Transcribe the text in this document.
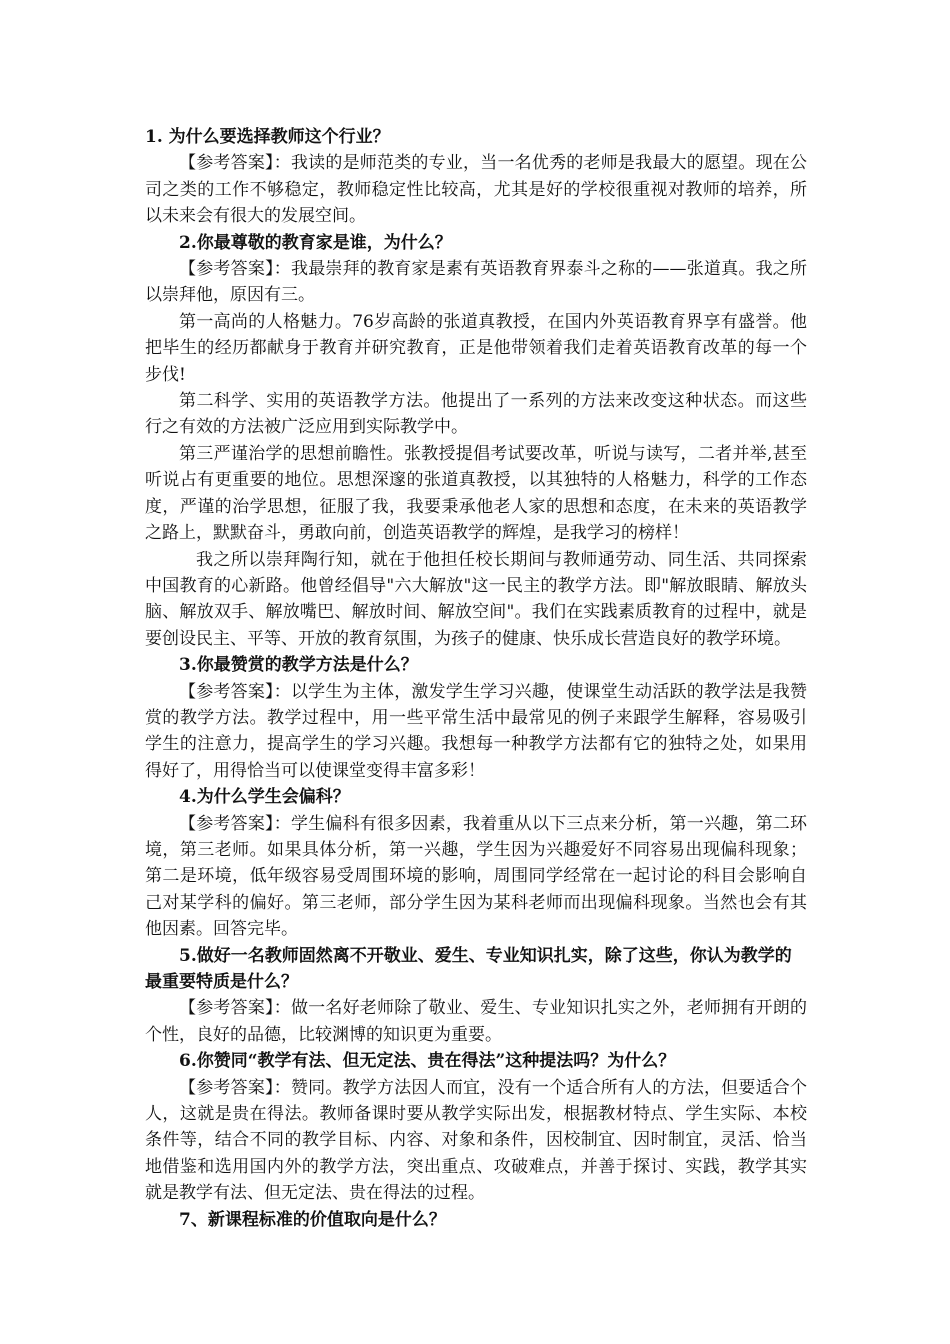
1. 为什么要选择教师这个行业？

【参考答案】：我读的是师范类的专业，当一名优秀的老师是我最大的愿望。现在公司之类的工作不够稳定，教师稳定性比较高，尤其是好的学校很重视对教师的培养，所以未来会有很大的发展空间。

2.你最尊敬的教育家是谁，为什么？

【参考答案】：我最崇拜的教育家是素有英语教育界泰斗之称的——张道真。我之所以崇拜他，原因有三。

第一高尚的人格魅力。76岁高龄的张道真教授，在国内外英语教育界享有盛誉。他把毕生的经历都献身于教育并研究教育，正是他带领着我们走着英语教育改革的每一个步伐!

第二科学、实用的英语教学方法。他提出了一系列的方法来改变这种状态。而这些行之有效的方法被广泛应用到实际教学中。

第三严谨治学的思想前瞻性。张教授提倡考试要改革，听说与读写，二者并举,甚至听说占有更重要的地位。思想深邃的张道真教授，以其独特的人格魅力，科学的工作态度，严谨的治学思想，征服了我，我要秉承他老人家的思想和态度，在未来的英语教学之路上，默默奋斗，勇敢向前，创造英语教学的辉煌，是我学习的榜样！

我之所以崇拜陶行知，就在于他担任校长期间与教师通劳动、同生活、共同探索中国教育的心新路。他曾经倡导"六大解放"这一民主的教学方法。即"解放眼睛、解放头脑、解放双手、解放嘴巴、解放时间、解放空间"。我们在实践素质教育的过程中，就是要创设民主、平等、开放的教育氛围，为孩子的健康、快乐成长营造良好的教学环境。

3.你最赞赏的教学方法是什么？

【参考答案】：以学生为主体，激发学生学习兴趣，使课堂生动活跃的教学法是我赞赏的教学方法。教学过程中，用一些平常生活中最常见的例子来跟学生解释，容易吸引学生的注意力，提高学生的学习兴趣。我想每一种教学方法都有它的独特之处，如果用得好了，用得恰当可以使课堂变得丰富多彩！

4.为什么学生会偏科？

【参考答案】：学生偏科有很多因素，我着重从以下三点来分析，第一兴趣，第二环境，第三老师。如果具体分析，第一兴趣，学生因为兴趣爱好不同容易出现偏科现象；第二是环境，低年级容易受周围环境的影响，周围同学经常在一起讨论的科目会影响自己对某学科的偏好。第三老师，部分学生因为某科老师而出现偏科现象。当然也会有其他因素。回答完毕。

5.做好一名教师固然离不开敬业、爱生、专业知识扎实，除了这些，你认为教学的最重要特质是什么？

【参考答案】：做一名好老师除了敬业、爱生、专业知识扎实之外，老师拥有开朗的个性，良好的品德，比较渊博的知识更为重要。

6.你赞同“教学有法、但无定法、贵在得法”这种提法吗？为什么？

【参考答案】：赞同。教学方法因人而宜，没有一个适合所有人的方法，但要适合个人，这就是贵在得法。教师备课时要从教学实际出发，根据教材特点、学生实际、本校条件等，结合不同的教学目标、内容、对象和条件，因校制宜、因时制宜，灵活、恰当地借鉴和选用国内外的教学方法，突出重点、攻破难点，并善于探讨、实践，教学其实就是教学有法、但无定法、贵在得法的过程。

7、新课程标准的价值取向是什么？
